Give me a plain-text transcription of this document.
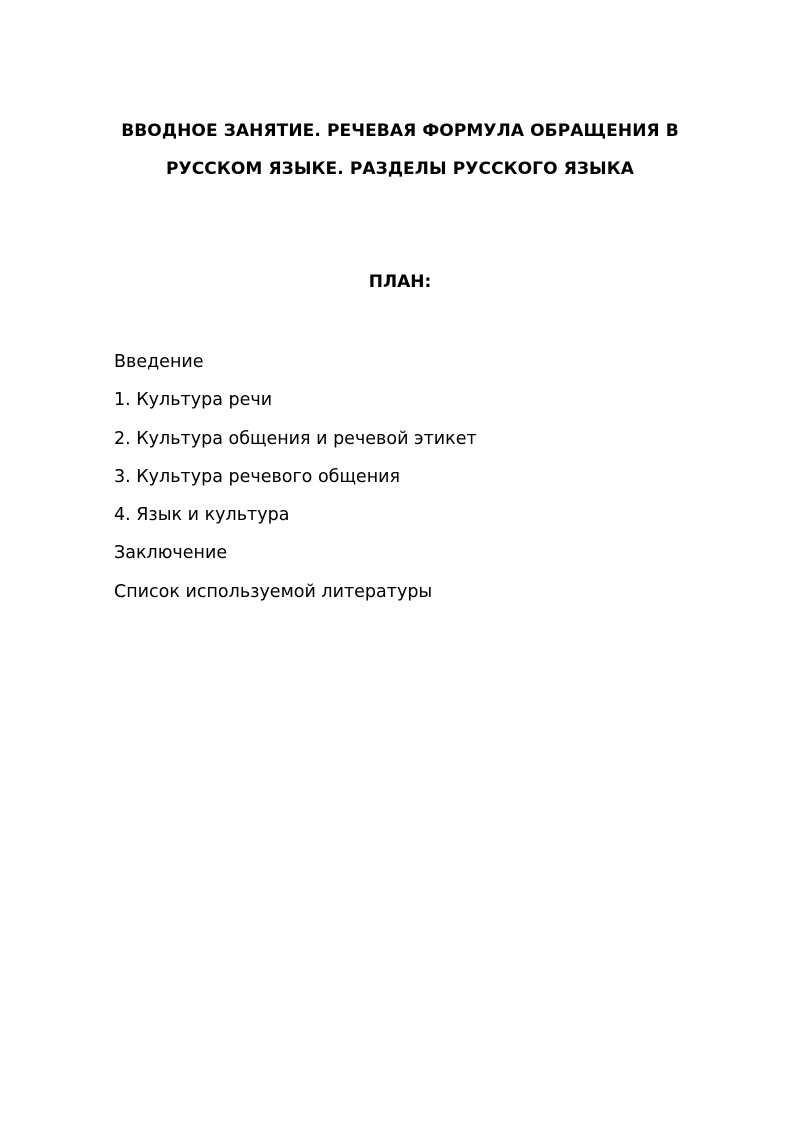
ВВОДНОЕ ЗАНЯТИЕ. РЕЧЕВАЯ ФОРМУЛА ОБРАЩЕНИЯ В
РУССКОМ ЯЗЫКЕ. РАЗДЕЛЫ РУССКОГО ЯЗЫКА
ПЛАН:
Введение
1. Культура речи
2. Культура общения и речевой этикет
3. Культура речевого общения
4. Язык и культура
Заключение
Список используемой литературы
